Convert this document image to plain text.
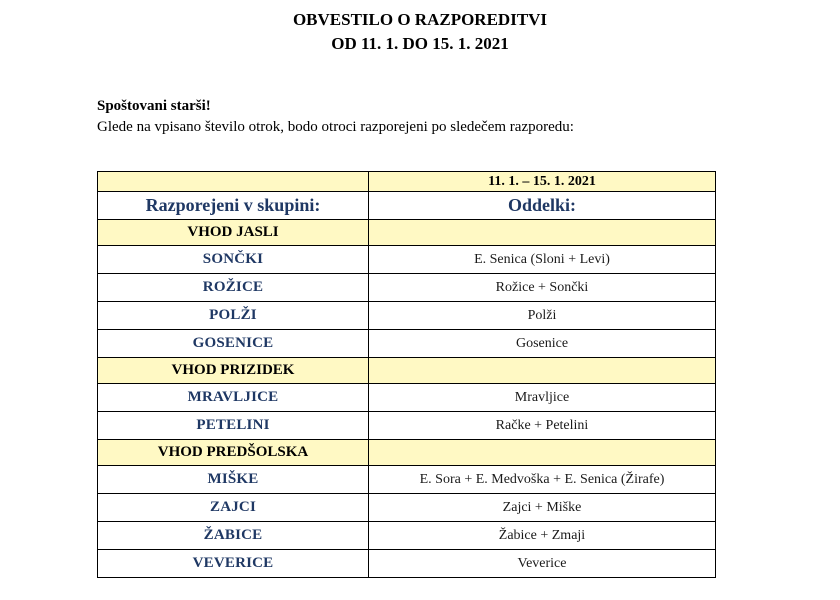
OBVESTILO O RAZPOREDITVI
OD 11. 1. DO 15. 1. 2021
Spoštovani starši!
Glede na vpisano število otrok, bodo otroci razporejeni po sledečem razporedu:
	11. 1. – 15. 1. 2021
Razporejeni v skupini:	Oddelki:
VHOD JASLI	
SONČKI	E. Senica (Sloni + Levi)
ROŽICE	Rožice + Sončki
POLŽI	Polži
GOSENICE	Gosenice
VHOD PRIZIDEK	
MRAVLJICE	Mravljice
PETELINI	Račke + Petelini
VHOD PREDŠOLSKA	
MIŠKE	E. Sora + E. Medvoška + E. Senica (Žirafe)
ZAJCI	Zajci + Miške
ŽABICE	Žabice + Zmaji
VEVERICE	Veverice
